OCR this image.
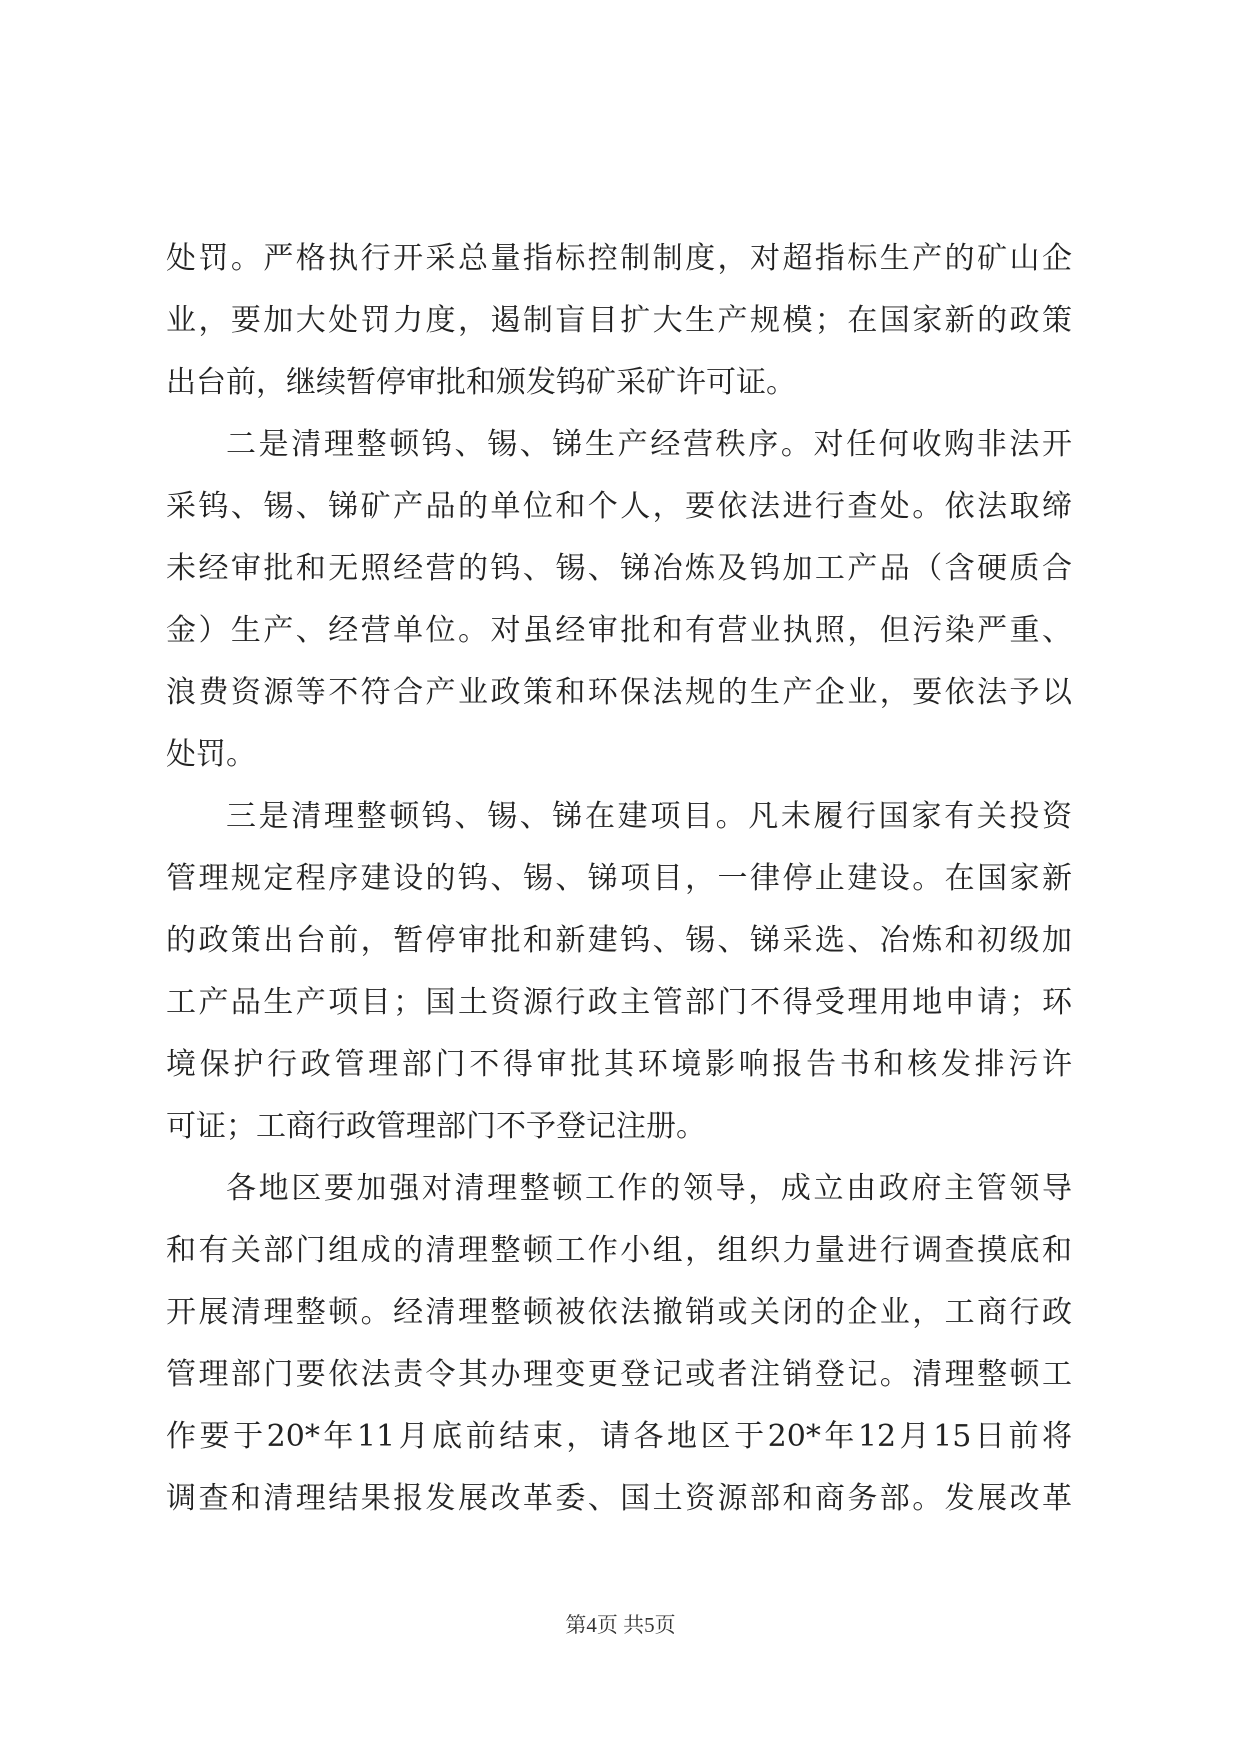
处罚。严格执行开采总量指标控制制度，对超指标生产的矿山企
业，要加大处罚力度，遏制盲目扩大生产规模；在国家新的政策
出台前，继续暂停审批和颁发钨矿采矿许可证。
二是清理整顿钨、锡、锑生产经营秩序。对任何收购非法开
采钨、锡、锑矿产品的单位和个人，要依法进行查处。依法取缔
未经审批和无照经营的钨、锡、锑冶炼及钨加工产品（含硬质合
金）生产、经营单位。对虽经审批和有营业执照，但污染严重、
浪费资源等不符合产业政策和环保法规的生产企业，要依法予以
处罚。
三是清理整顿钨、锡、锑在建项目。凡未履行国家有关投资
管理规定程序建设的钨、锡、锑项目，一律停止建设。在国家新
的政策出台前，暂停审批和新建钨、锡、锑采选、冶炼和初级加
工产品生产项目；国土资源行政主管部门不得受理用地申请；环
境保护行政管理部门不得审批其环境影响报告书和核发排污许
可证；工商行政管理部门不予登记注册。
各地区要加强对清理整顿工作的领导，成立由政府主管领导
和有关部门组成的清理整顿工作小组，组织力量进行调查摸底和
开展清理整顿。经清理整顿被依法撤销或关闭的企业，工商行政
管理部门要依法责令其办理变更登记或者注销登记。清理整顿工
作要于20*年11月底前结束，请各地区于20*年12月15日前将
调查和清理结果报发展改革委、国土资源部和商务部。发展改革
第4页 共5页
